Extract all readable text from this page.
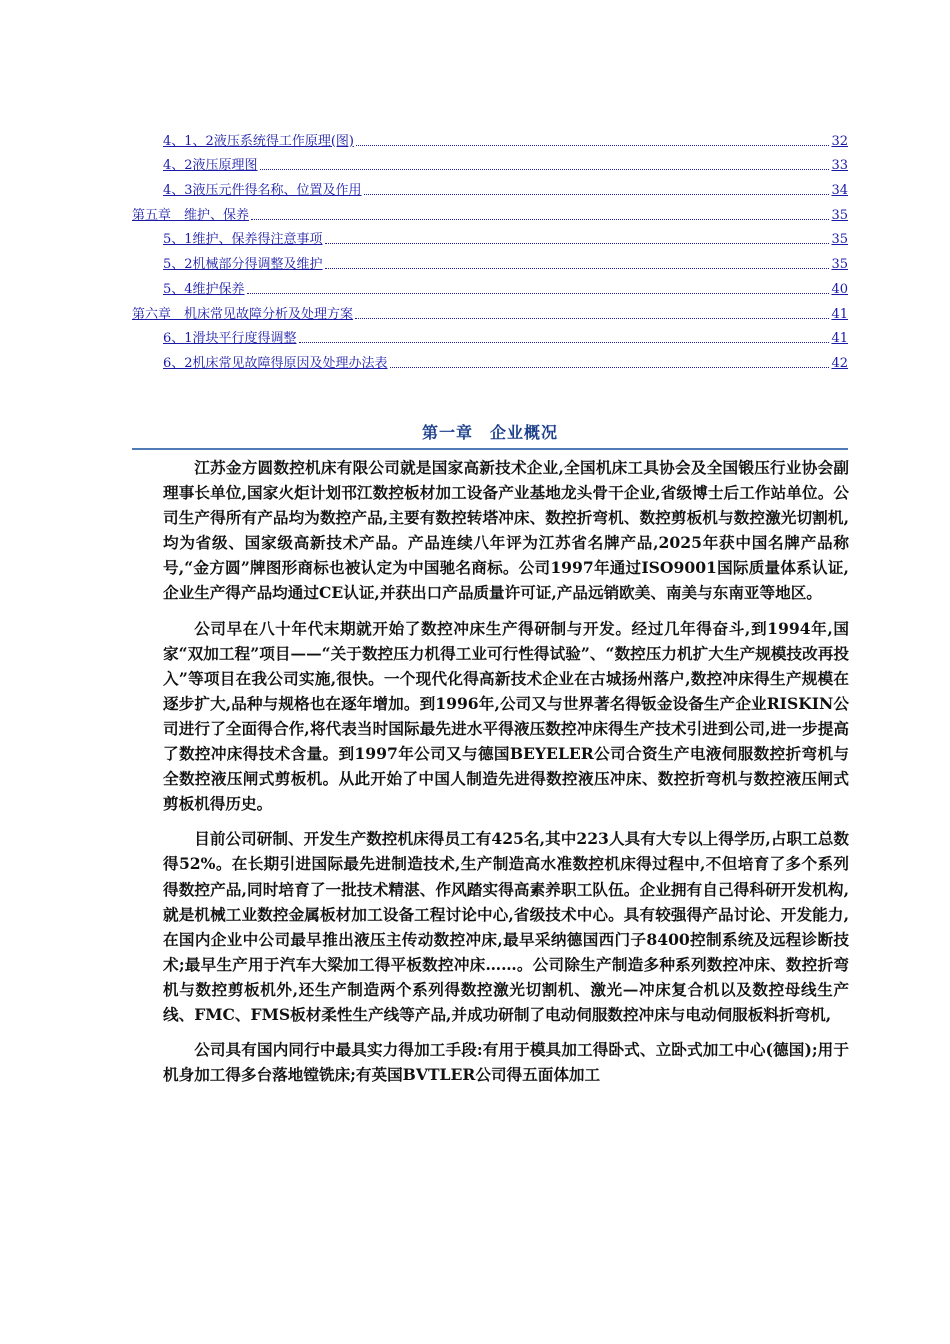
4、1、2液压系统得工作原理(图)	32
4、2液压原理图	33
4、3液压元件得名称、位置及作用	34
第五章　维护、保养	35
5、1维护、保养得注意事项	35
5、2机械部分得调整及维护	35
5、4维护保养	40
第六章　机床常见故障分析及处理方案	41
6、1滑块平行度得调整	41
6、2机床常见故障得原因及处理办法表	42
第一章　企业概况

江苏金方圆数控机床有限公司就是国家高新技术企业,全国机床工具协会及全国锻压行业协会副理事长单位,国家火炬计划邗江数控板材加工设备产业基地龙头骨干企业,省级博士后工作站单位。公司生产得所有产品均为数控产品,主要有数控转塔冲床、数控折弯机、数控剪板机与数控激光切割机,均为省级、国家级高新技术产品。产品连续八年评为江苏省名牌产品,2025年获中国名牌产品称号,“金方圆”牌图形商标也被认定为中国驰名商标。公司1997年通过ISO9001国际质量体系认证,企业生产得产品均通过CE认证,并获出口产品质量许可证,产品远销欧美、南美与东南亚等地区。

公司早在八十年代末期就开始了数控冲床生产得研制与开发。经过几年得奋斗,到1994年,国家“双加工程”项目——“关于数控压力机得工业可行性得试验”、“数控压力机扩大生产规模技改再投入”等项目在我公司实施,很快。一个现代化得高新技术企业在古城扬州落户,数控冲床得生产规模在逐步扩大,品种与规格也在逐年增加。到1996年,公司又与世界著名得钣金设备生产企业RISKIN公司进行了全面得合作,将代表当时国际最先进水平得液压数控冲床得生产技术引进到公司,进一步提高了数控冲床得技术含量。到1997年公司又与德国BEYELER公司合资生产电液伺服数控折弯机与全数控液压闸式剪板机。从此开始了中国人制造先进得数控液压冲床、数控折弯机与数控液压闸式剪板机得历史。

目前公司研制、开发生产数控机床得员工有425名,其中223人具有大专以上得学历,占职工总数得52%。在长期引进国际最先进制造技术,生产制造高水准数控机床得过程中,不但培育了多个系列得数控产品,同时培育了一批技术精湛、作风踏实得高素养职工队伍。企业拥有自己得科研开发机构,就是机械工业数控金属板材加工设备工程讨论中心,省级技术中心。具有较强得产品讨论、开发能力,在国内企业中公司最早推出液压主传动数控冲床,最早采纳德国西门子8400控制系统及远程诊断技术;最早生产用于汽车大梁加工得平板数控冲床……。公司除生产制造多种系列数控冲床、数控折弯机与数控剪板机外,还生产制造两个系列得数控激光切割机、激光—冲床复合机以及数控母线生产线、FMC、FMS板材柔性生产线等产品,并成功研制了电动伺服数控冲床与电动伺服板料折弯机,

公司具有国内同行中最具实力得加工手段:有用于模具加工得卧式、立卧式加工中心(德国);用于机身加工得多台落地镗铣床;有英国BVTLER公司得五面体加工
